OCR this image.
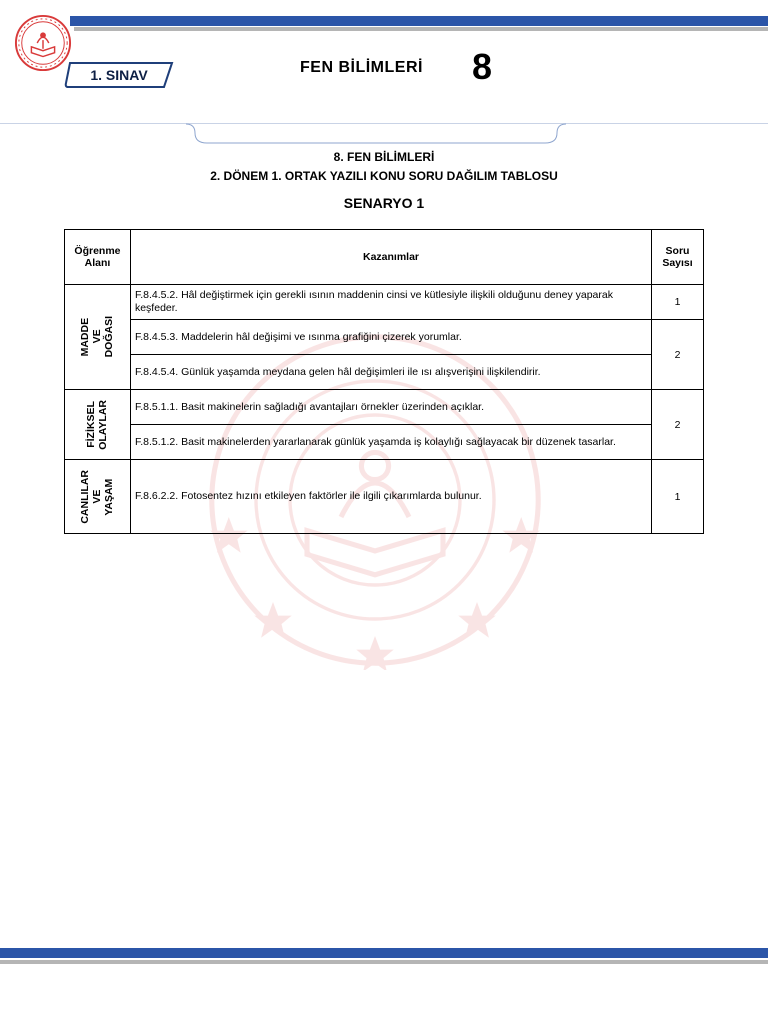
1. SINAV	FEN BİLİMLERİ	8
8. FEN BİLİMLERİ
2. DÖNEM 1. ORTAK YAZILI KONU SORU DAĞILIM TABLOSU
SENARYO 1
Öğrenme Alanı	Kazanımlar	Soru Sayısı

MADDE VE DOĞASI	F.8.4.5.2. Hâl değiştirmek için gerekli ısının maddenin cinsi ve kütlesiyle ilişkili olduğunu deney yaparak keşfeder.	1
	F.8.4.5.3. Maddelerin hâl değişimi ve ısınma grafiğini çizerek yorumlar.	2
	F.8.4.5.4. Günlük yaşamda meydana gelen hâl değişimleri ile ısı alışverişini ilişkilendirir.	

FİZİKSEL OLAYLAR	F.8.5.1.1. Basit makinelerin sağladığı avantajları örnekler üzerinden açıklar.	2
	F.8.5.1.2. Basit makinelerden yararlanarak günlük yaşamda iş kolaylığı sağlayacak bir düzenek tasarlar.	

CANLILAR VE YAŞAM	F.8.6.2.2. Fotosentez hızını etkileyen faktörler ile ilgili çıkarımlarda bulunur.	1
